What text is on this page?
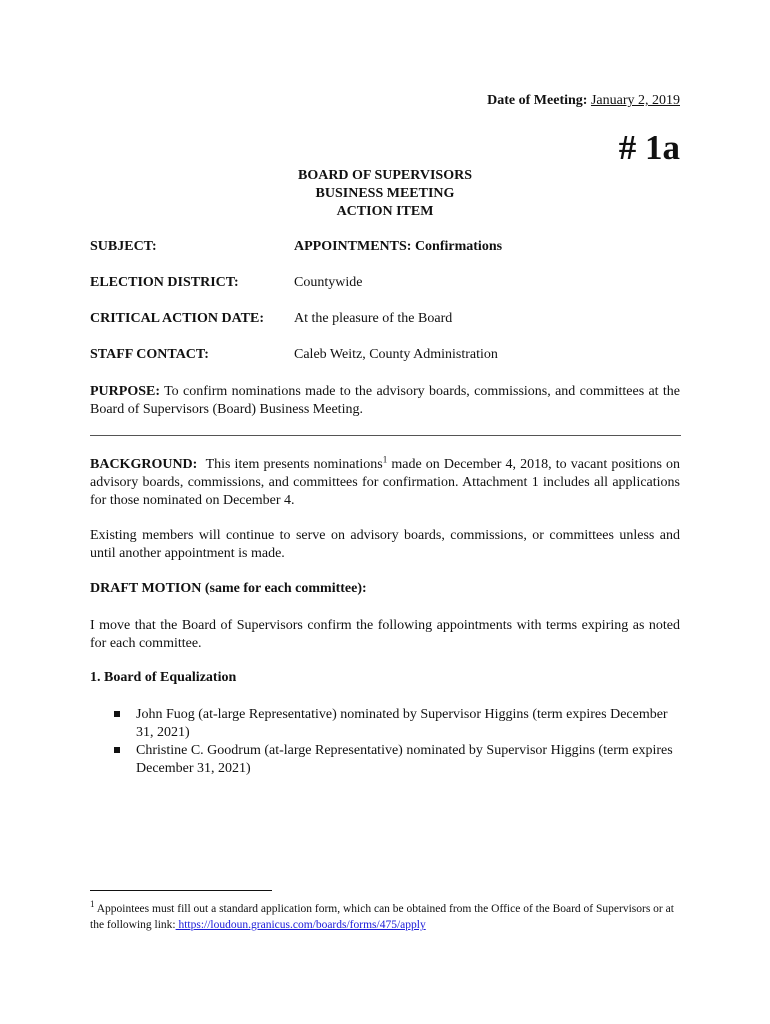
Date of Meeting: January 2, 2019
# 1a
BOARD OF SUPERVISORS
BUSINESS MEETING
ACTION ITEM
SUBJECT:	APPOINTMENTS: Confirmations
ELECTION DISTRICT:	Countywide
CRITICAL ACTION DATE: At the pleasure of the Board
STAFF CONTACT:	Caleb Weitz, County Administration
PURPOSE: To confirm nominations made to the advisory boards, commissions, and committees at the Board of Supervisors (Board) Business Meeting.
BACKGROUND: This item presents nominations$^1$ made on December 4, 2018, to vacant positions on advisory boards, commissions, and committees for confirmation. Attachment 1 includes all applications for those nominated on December 4.
Existing members will continue to serve on advisory boards, commissions, or committees unless and until another appointment is made.
DRAFT MOTION (same for each committee):
I move that the Board of Supervisors confirm the following appointments with terms expiring as noted for each committee.
1. Board of Equalization
John Fuog (at-large Representative) nominated by Supervisor Higgins (term expires December 31, 2021)
Christine C. Goodrum (at-large Representative) nominated by Supervisor Higgins (term expires December 31, 2021)
$^1$ Appointees must fill out a standard application form, which can be obtained from the Office of the Board of Supervisors or at the following link: https://loudoun.granicus.com/boards/forms/475/apply
